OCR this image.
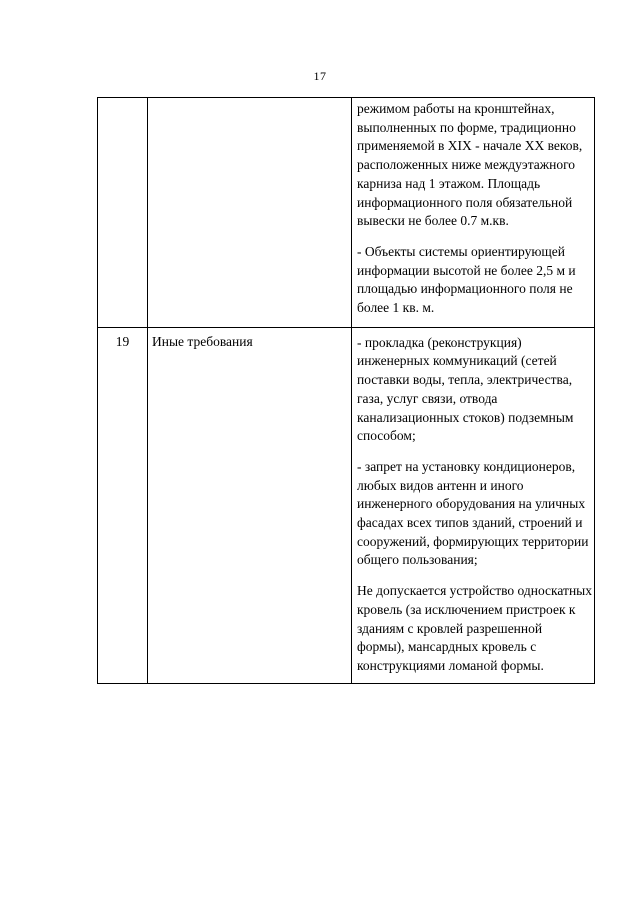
17

		режимом работы на кронштейнах, выполненных по форме, традиционно применяемой в XIX - начале XX веков, расположенных ниже междуэтажного карниза над 1 этажом. Площадь информационного поля обязательной вывески не более 0.7 м.кв.

- Объекты системы ориентирующей информации высотой не более 2,5 м и площадью информационного поля не более 1 кв. м.

19	Иные требования	- прокладка (реконструкция) инженерных коммуникаций (сетей поставки воды, тепла, электричества, газа, услуг связи, отвода канализационных стоков) подземным способом;

- запрет на установку кондиционеров, любых видов антенн и иного инженерного оборудования на уличных фасадах всех типов зданий, строений и сооружений, формирующих территории общего пользования;

Не допускается устройство односкатных кровель (за исключением пристроек к зданиям с кровлей разрешенной формы), мансардных кровель с конструкциями ломаной формы.
